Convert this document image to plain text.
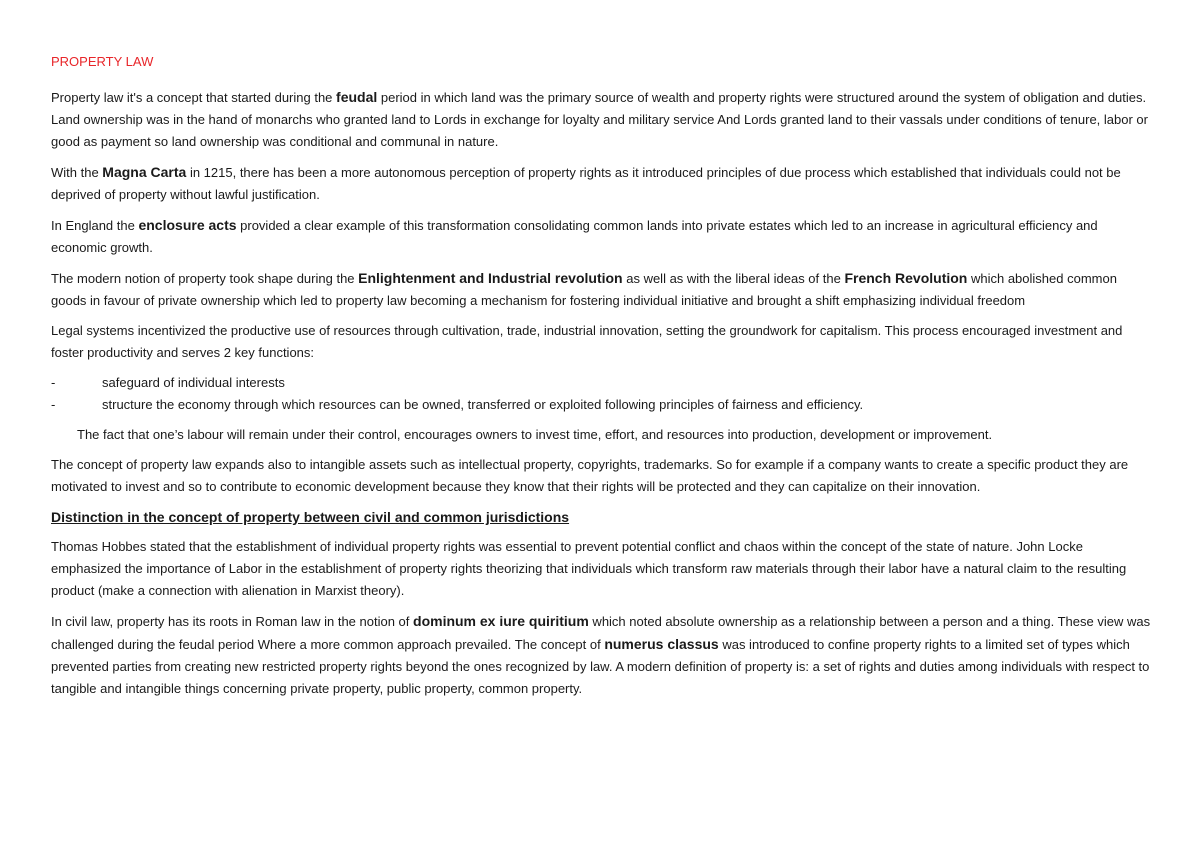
PROPERTY LAW

Property law it's a concept that started during the feudal period in which land was the primary source of wealth and property rights were structured around the system of obligation and duties. Land ownership was in the hand of monarchs who granted land to Lords in exchange for loyalty and military service And Lords granted land to their vassals under conditions of tenure, labor or good as payment so land ownership was conditional and communal in nature.

With the Magna Carta in 1215, there has been a more autonomous perception of property rights as it introduced principles of due process which established that individuals could not be deprived of property without lawful justification.

In England the enclosure acts provided a clear example of this transformation consolidating common lands into private estates which led to an increase in agricultural efficiency and economic growth.

The modern notion of property took shape during the Enlightenment and Industrial revolution as well as with the liberal ideas of the French Revolution which abolished common goods in favour of private ownership which led to property law becoming a mechanism for fostering individual initiative and brought a shift emphasizing individual freedom

Legal systems incentivized the productive use of resources through cultivation, trade, industrial innovation, setting the groundwork for capitalism. This process encouraged investment and foster productivity and serves 2 key functions:

-	safeguard of individual interests
-	structure the economy through which resources can be owned, transferred or exploited following principles of fairness and efficiency.

The fact that one’s labour will remain under their control, encourages owners to invest time, effort, and resources into production, development or improvement.

The concept of property law expands also to intangible assets such as intellectual property, copyrights, trademarks. So for example if a company wants to create a specific product they are motivated to invest and so to contribute to economic development because they know that their rights will be protected and they can capitalize on their innovation.

Distinction in the concept of property between civil and common jurisdictions

Thomas Hobbes stated that the establishment of individual property rights was essential to prevent potential conflict and chaos within the concept of the state of nature. John Locke emphasized the importance of Labor in the establishment of property rights theorizing that individuals which transform raw materials through their labor have a natural claim to the resulting product (make a connection with alienation in Marxist theory).

In civil law, property has its roots in Roman law in the notion of dominum ex iure quiritium which noted absolute ownership as a relationship between a person and a thing. These view was challenged during the feudal period Where a more common approach prevailed. The concept of numerus classus was introduced to confine property rights to a limited set of types which prevented parties from creating new restricted property rights beyond the ones recognized by law. A modern definition of property is: a set of rights and duties among individuals with respect to tangible and intangible things concerning private property, public property, common property.
